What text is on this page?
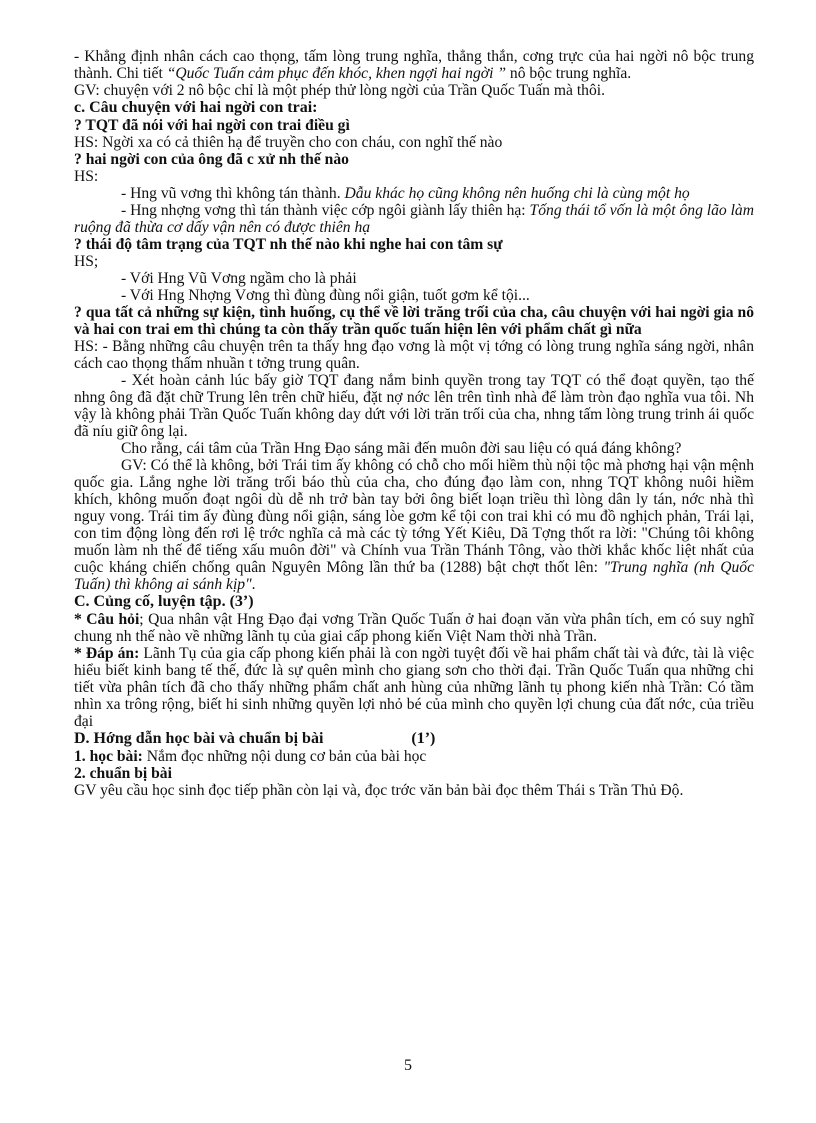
- Khẳng định nhân cách cao thọng, tấm lòng trung nghĩa, thẳng thắn, cơng trực của hai ngời nô bộc trung thành. Chi tiết “Quốc Tuấn cảm phục đến khóc, khen ngợi hai ngời ” nô bộc trung nghĩa.

GV: chuyện với 2 nô bộc chỉ là một phép thử lòng ngời của Trần Quốc Tuấn mà thôi.

c. Câu chuyện với hai ngời con trai:

? TQT đã nói với hai ngời con trai điều gì

HS: Ngời xa có cả thiên hạ để truyền cho con cháu, con nghĩ thế nào

? hai ngời con của ông đã c xử nh thế nào

HS:

- Hng vũ vơng thì không tán thành. Dẫu khác họ cũng không nên huống chi là cùng một họ

- Hng nhợng vơng thì tán thành việc cớp ngôi giành lấy thiên hạ: Tống thái tổ vốn là một ông lão làm ruộng đã thừa cơ dấy vận nên có được thiên hạ

? thái độ tâm trạng của TQT nh thế nào khi nghe hai con tâm sự

HS;

- Với Hng Vũ Vơng ngầm cho là phải

- Với Hng Nhợng Vơng thì đùng đùng nổi giận, tuốt gơm kể tội...

? qua tất cả những sự kiện, tình huống, cụ thể về lời trăng trối của cha, câu chuyện với hai ngời gia nô và hai con trai em thì chúng ta còn thấy trần quốc tuấn hiện lên với phẩm chất gì nữa

HS: - Bằng những câu chuyện trên ta thấy hng đạo vơng là một vị tớng có lòng trung nghĩa sáng ngời, nhân cách cao thọng thấm nhuần t tởng trung quân.

- Xét hoàn cảnh lúc bấy giờ TQT đang nắm binh quyền trong tay TQT có thể đoạt quyền, tạo thế nhng ông đã đặt chữ Trung lên trên chữ hiếu, đặt nợ nớc lên trên tình nhà để làm tròn đạo nghĩa vua tôi. Nh vậy là không phải Trần Quốc Tuấn không day dứt với lời trăn trối của cha, nhng tấm lòng trung trinh ái quốc đã níu giữ ông lại.

Cho rằng, cái tâm của Trần Hng Đạo sáng mãi đến muôn đời sau liệu có quá đáng không?

GV: Có thể là không, bởi Trái tim ấy không có chỗ cho mối hiềm thù nội tộc mà phơng hại vận mệnh quốc gia. Lắng nghe lời trăng trối báo thù của cha, cho đúng đạo làm con, nhng TQT không nuôi hiềm khích, không muốn đoạt ngôi dù dễ nh trở bàn tay bởi ông biết loạn triều thì lòng dân ly tán, nớc nhà thì nguy vong. Trái tim ấy đùng đùng nổi giận, sáng lòe gơm kể tội con trai khi có mu đồ nghịch phản, Trái lại, con tim động lòng đến rơi lệ trớc nghĩa cả mà các tỳ tớng Yết Kiêu, Dã Tợng thốt ra lời: "Chúng tôi không muốn làm nh thế để tiếng xấu muôn đời" và Chính vua Trần Thánh Tông, vào thời khắc khốc liệt nhất của cuộc kháng chiến chống quân Nguyên Mông lần thứ ba (1288) bật chợt thốt lên: "Trung nghĩa (nh Quốc Tuấn) thì không ai sánh kịp".

C. Củng cố, luyện tập. (3’)

* Câu hỏi; Qua nhân vật Hng Đạo đại vơng Trần Quốc Tuấn ở hai đoạn văn vừa phân tích, em có suy nghĩ chung nh thế nào về những lãnh tụ của giai cấp phong kiến Việt Nam thời nhà Trần.

* Đáp án: Lãnh Tụ của gia cấp phong kiến phải là con ngời tuyệt đối về hai phẩm chất tài và đức, tài là việc hiểu biết kinh bang tế thế, đức là sự quên mình cho giang sơn cho thời đại. Trần Quốc Tuấn qua những chi tiết vừa phân tích đã cho thấy những phẩm chất anh hùng của những lãnh tụ phong kiến nhà Trần: Có tầm nhìn xa trông rộng, biết hi sinh những quyền lợi nhỏ bé của mình cho quyền lợi chung của đất nớc, của triều đại

D. Hớng dẫn học bài và chuẩn bị bài	(1’)

1. học bài: Nắm đọc những nội dung cơ bản của bài học

2. chuẩn bị bài

GV yêu cầu học sinh đọc tiếp phần còn lại và, đọc trớc văn bản bài đọc thêm Thái s Trần Thủ Độ.

5
